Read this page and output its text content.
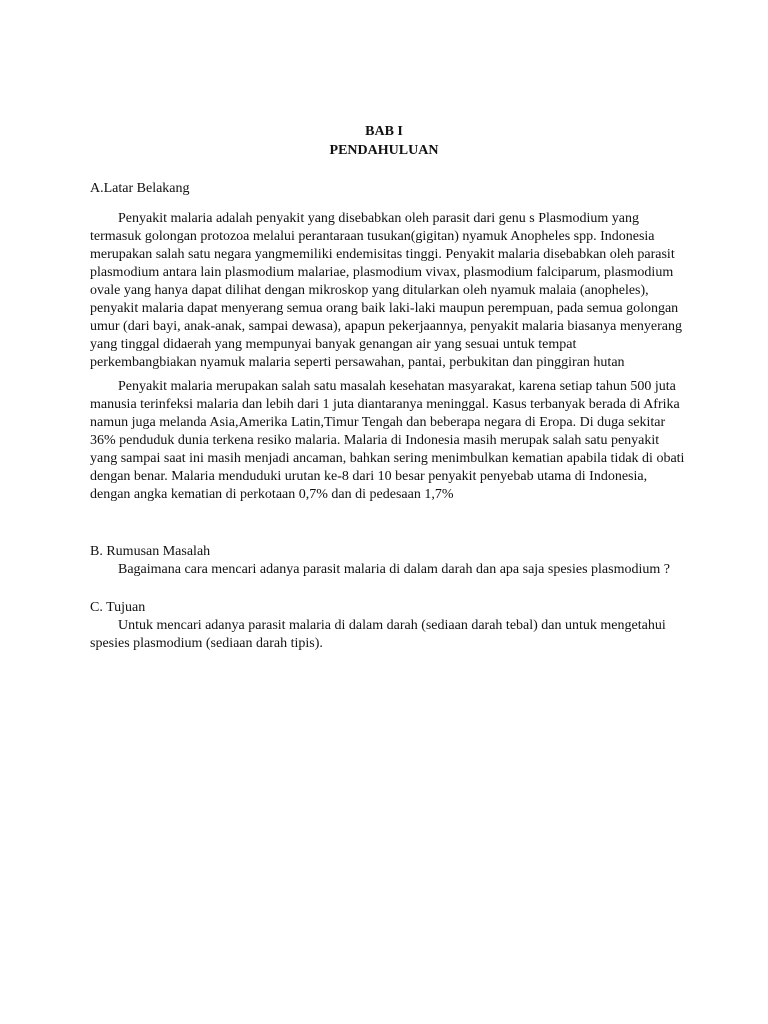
BAB I
PENDAHULUAN
A.Latar Belakang
Penyakit malaria adalah penyakit yang disebabkan oleh parasit dari genu s Plasmodium yang
termasuk golongan protozoa melalui perantaraan tusukan(gigitan) nyamuk Anopheles spp. Indonesia
merupakan salah satu negara yangmemiliki endemisitas tinggi. Penyakit malaria disebabkan oleh parasit
plasmodium antara lain plasmodium malariae, plasmodium vivax, plasmodium falciparum, plasmodium
ovale yang hanya dapat dilihat dengan mikroskop yang ditularkan oleh nyamuk malaia (anopheles),
penyakit malaria dapat menyerang semua orang baik laki-laki maupun perempuan, pada semua golongan
umur (dari bayi, anak-anak, sampai dewasa), apapun pekerjaannya, penyakit malaria biasanya menyerang
yang tinggal didaerah yang mempunyai banyak genangan air yang sesuai untuk tempat
perkembangbiakan nyamuk malaria seperti persawahan, pantai, perbukitan dan pinggiran hutan
Penyakit malaria merupakan salah satu masalah kesehatan masyarakat, karena setiap tahun 500 juta
manusia terinfeksi malaria dan lebih dari 1 juta diantaranya meninggal. Kasus terbanyak berada di Afrika
namun juga melanda Asia,Amerika Latin,Timur Tengah dan beberapa negara di Eropa. Di duga sekitar
36% penduduk dunia terkena resiko malaria. Malaria di Indonesia masih merupak salah satu penyakit
yang sampai saat ini masih menjadi ancaman, bahkan sering menimbulkan kematian apabila tidak di obati
dengan benar. Malaria menduduki urutan ke-8 dari 10 besar penyakit penyebab utama di Indonesia,
dengan angka kematian di perkotaan 0,7% dan di pedesaan 1,7%
B. Rumusan Masalah
Bagaimana cara mencari adanya parasit malaria di dalam darah dan apa saja spesies plasmodium ?
C. Tujuan
Untuk mencari adanya parasit malaria di dalam darah (sediaan darah tebal) dan untuk mengetahui
spesies plasmodium (sediaan darah tipis).
